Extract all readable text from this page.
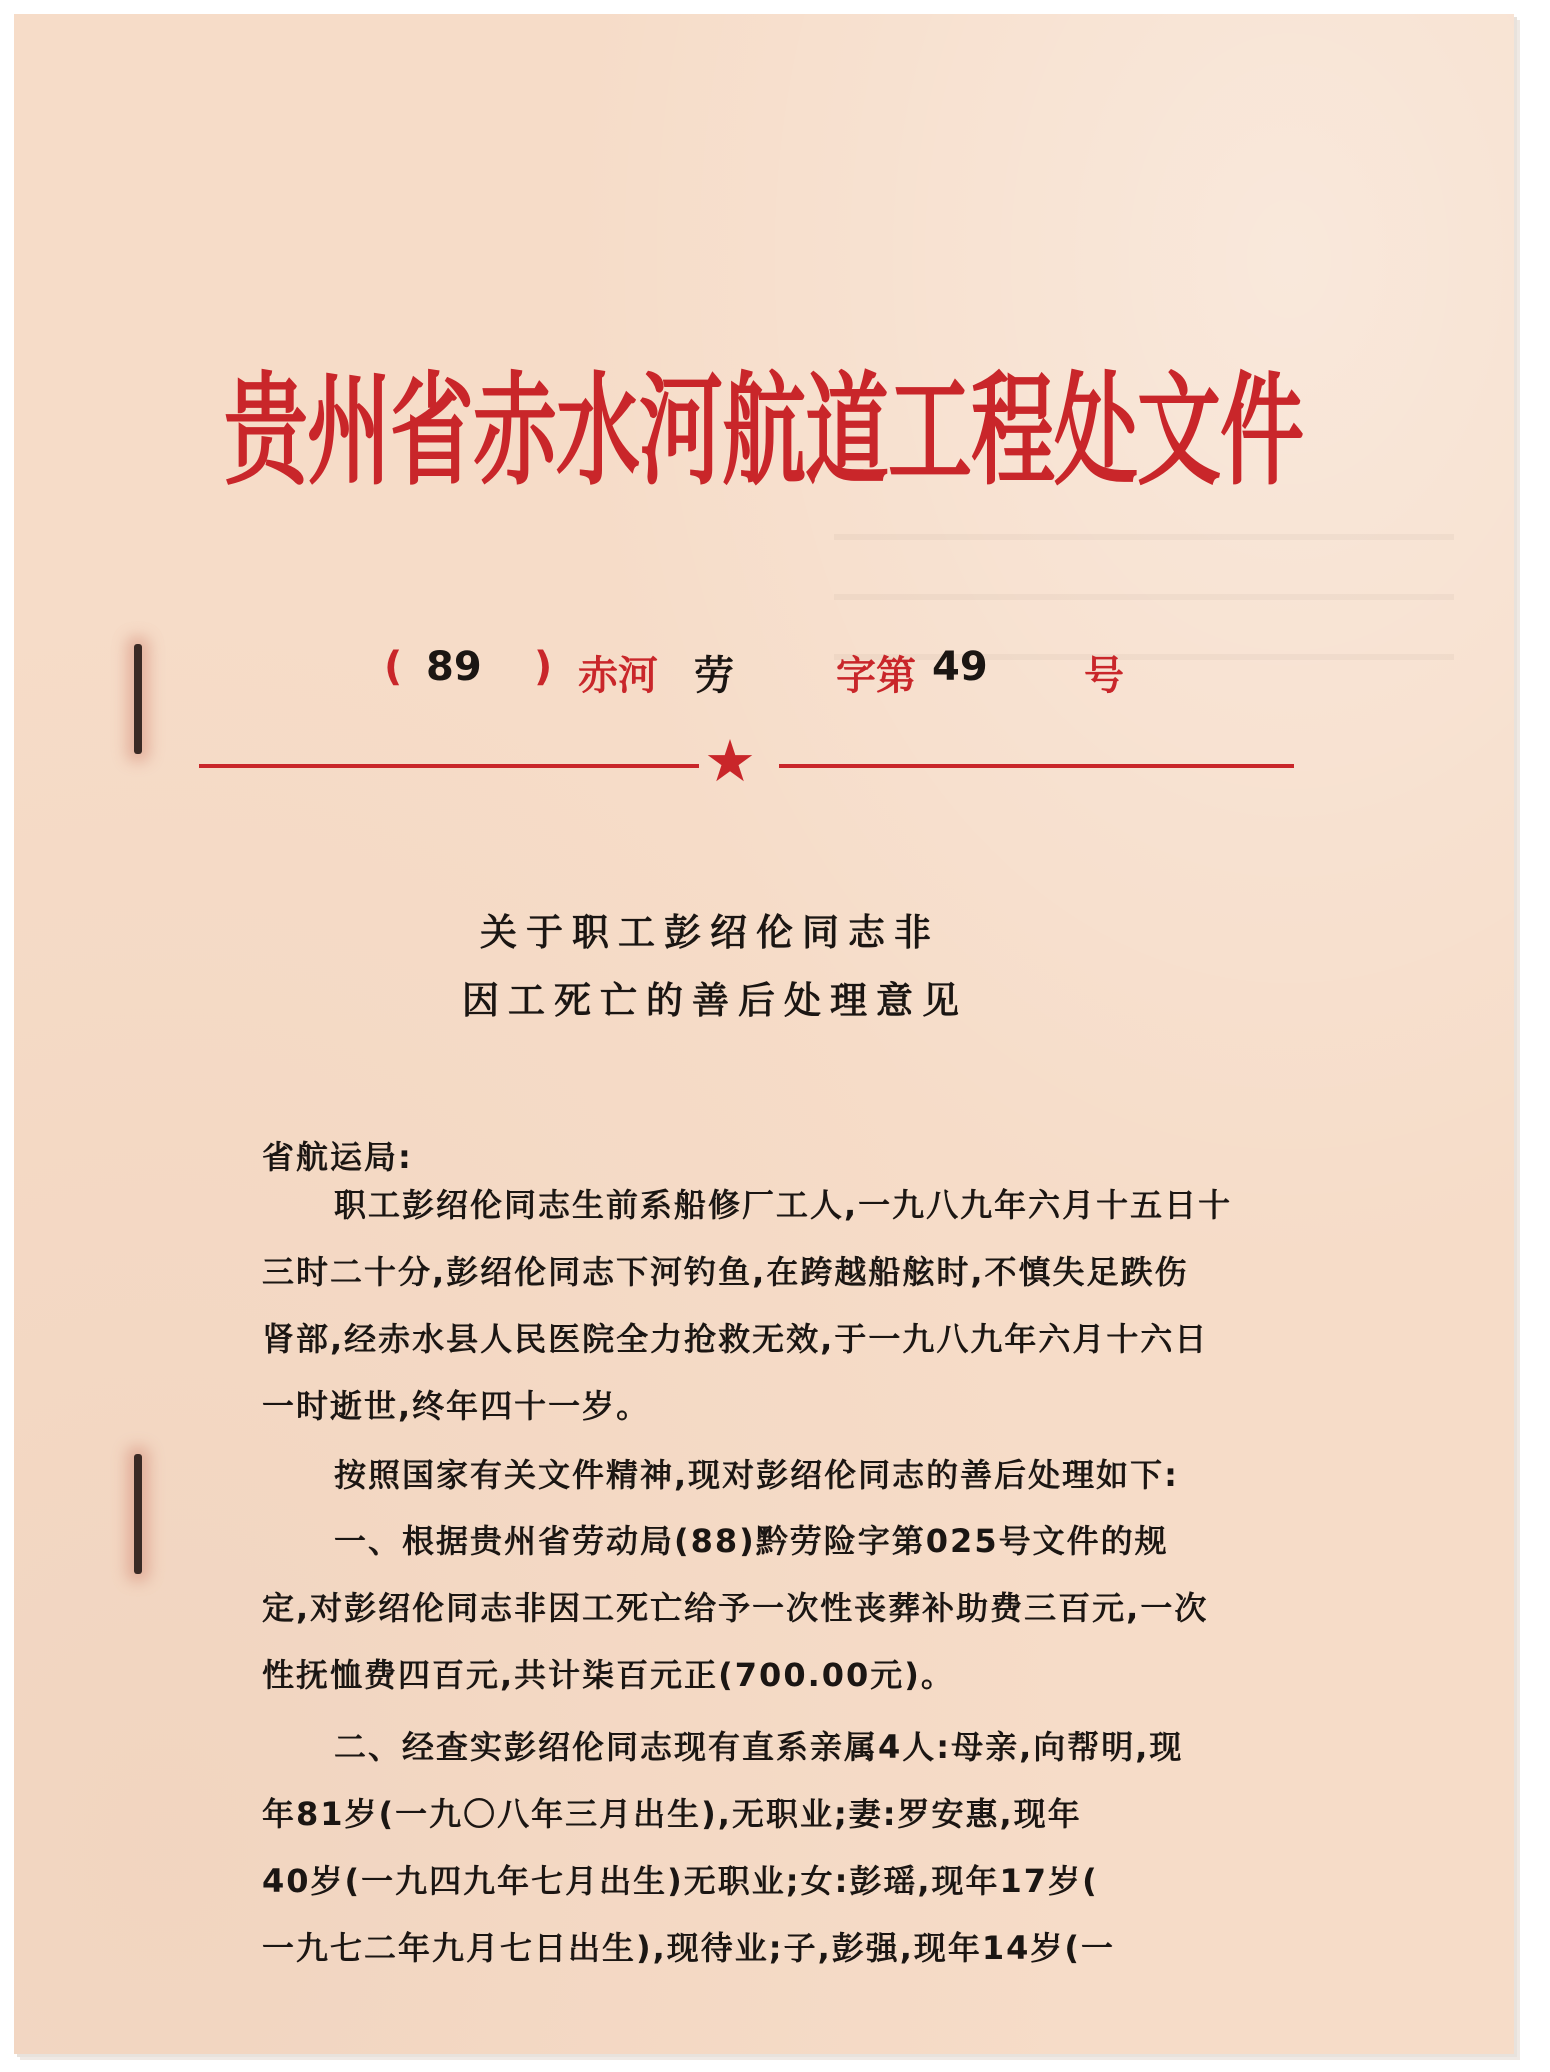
贵州省赤水河航道工程处文件
( 89 ) 赤河 劳	字第 49 号
★
关于职工彭绍伦同志非
因工死亡的善后处理意见
省航运局:
职工彭绍伦同志生前系船修厂工人,一九八九年六月十五日十
三时二十分,彭绍伦同志下河钓鱼,在跨越船舷时,不慎失足跌伤
肾部,经赤水县人民医院全力抢救无效,于一九八九年六月十六日
一时逝世,终年四十一岁。
按照国家有关文件精神,现对彭绍伦同志的善后处理如下:
一、根据贵州省劳动局(88)黔劳险字第025号文件的规
定,对彭绍伦同志非因工死亡给予一次性丧葬补助费三百元,一次
性抚恤费四百元,共计柒百元正(700.00元)。
二、经查实彭绍伦同志现有直系亲属4人:母亲,向帮明,现
年81岁(一九〇八年三月出生),无职业;妻:罗安惠,现年
40岁(一九四九年七月出生)无职业;女:彭瑶,现年17岁(
一九七二年九月七日出生),现待业;子,彭强,现年14岁(一
